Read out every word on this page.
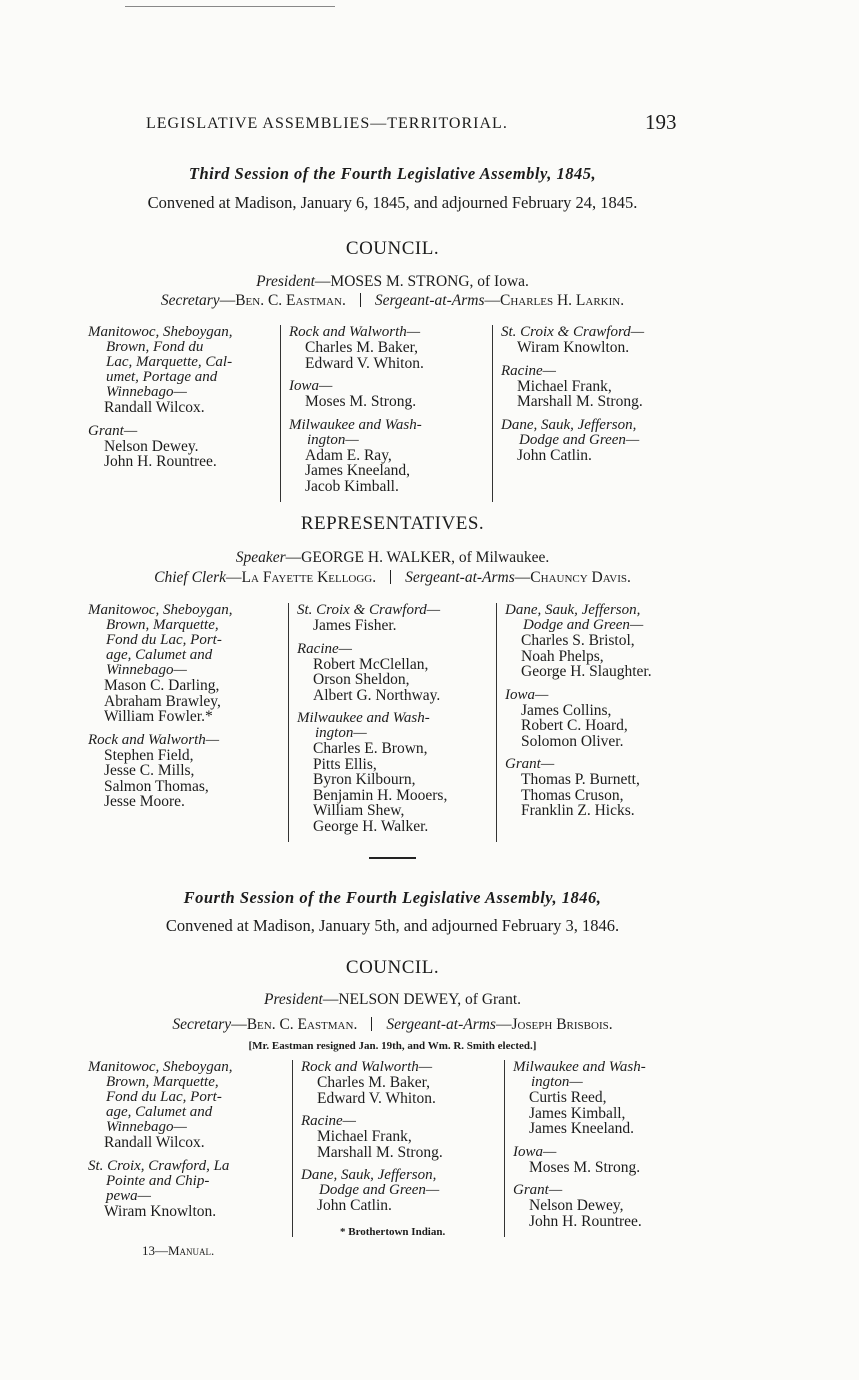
LEGISLATIVE ASSEMBLIES—TERRITORIAL.	193
Third Session of the Fourth Legislative Assembly, 1845,
Convened at Madison, January 6, 1845, and adjourned February 24, 1845.
COUNCIL.
President—MOSES M. STRONG, of Iowa.
Secretary—Ben. C. Eastman. Sergeant-at-Arms—Charles H. Larkin.
Manitowoc, Sheboygan,
Brown, Fond du
Lac, Marquette, Cal-
umet, Portage and
Winnebago—
Randall Wilcox.
Grant—
Nelson Dewey.
John H. Rountree.
Rock and Walworth—
Charles M. Baker,
Edward V. Whiton.
Iowa—
Moses M. Strong.
Milwaukee and Wash-
ington—
Adam E. Ray,
James Kneeland,
Jacob Kimball.
St. Croix & Crawford—
Wiram Knowlton.
Racine—
Michael Frank,
Marshall M. Strong.
Dane, Sauk, Jefferson,
Dodge and Green—
John Catlin.
REPRESENTATIVES.
Speaker—GEORGE H. WALKER, of Milwaukee.
Chief Clerk—La Fayette Kellogg. Sergeant-at-Arms—Chauncy Davis.
Manitowoc, Sheboygan,
Brown, Marquette,
Fond du Lac, Port-
age, Calumet and
Winnebago—
Mason C. Darling,
Abraham Brawley,
William Fowler.*
Rock and Walworth—
Stephen Field,
Jesse C. Mills,
Salmon Thomas,
Jesse Moore.
St. Croix & Crawford—
James Fisher.
Racine—
Robert McClellan,
Orson Sheldon,
Albert G. Northway.
Milwaukee and Wash-
ington—
Charles E. Brown,
Pitts Ellis,
Byron Kilbourn,
Benjamin H. Mooers,
William Shew,
George H. Walker.
Dane, Sauk, Jefferson,
Dodge and Green—
Charles S. Bristol,
Noah Phelps,
George H. Slaughter.
Iowa—
James Collins,
Robert C. Hoard,
Solomon Oliver.
Grant—
Thomas P. Burnett,
Thomas Cruson,
Franklin Z. Hicks.
Fourth Session of the Fourth Legislative Assembly, 1846,
Convened at Madison, January 5th, and adjourned February 3, 1846.
COUNCIL.
President—NELSON DEWEY, of Grant.
Secretary—Ben. C. Eastman. Sergeant-at-Arms—Joseph Brisbois.
[Mr. Eastman resigned Jan. 19th, and Wm. R. Smith elected.]
Manitowoc, Sheboygan,
Brown, Marquette,
Fond du Lac, Port-
age, Calumet and
Winnebago—
Randall Wilcox.
St. Croix, Crawford, La
Pointe and Chip-
pewa—
Wiram Knowlton.
Rock and Walworth—
Charles M. Baker,
Edward V. Whiton.
Racine—
Michael Frank,
Marshall M. Strong.
Dane, Sauk, Jefferson,
Dodge and Green—
John Catlin.
Milwaukee and Wash-
ington—
Curtis Reed,
James Kimball,
James Kneeland.
Iowa—
Moses M. Strong.
Grant—
Nelson Dewey,
John H. Rountree.
* Brothertown Indian.
13—Manual.
